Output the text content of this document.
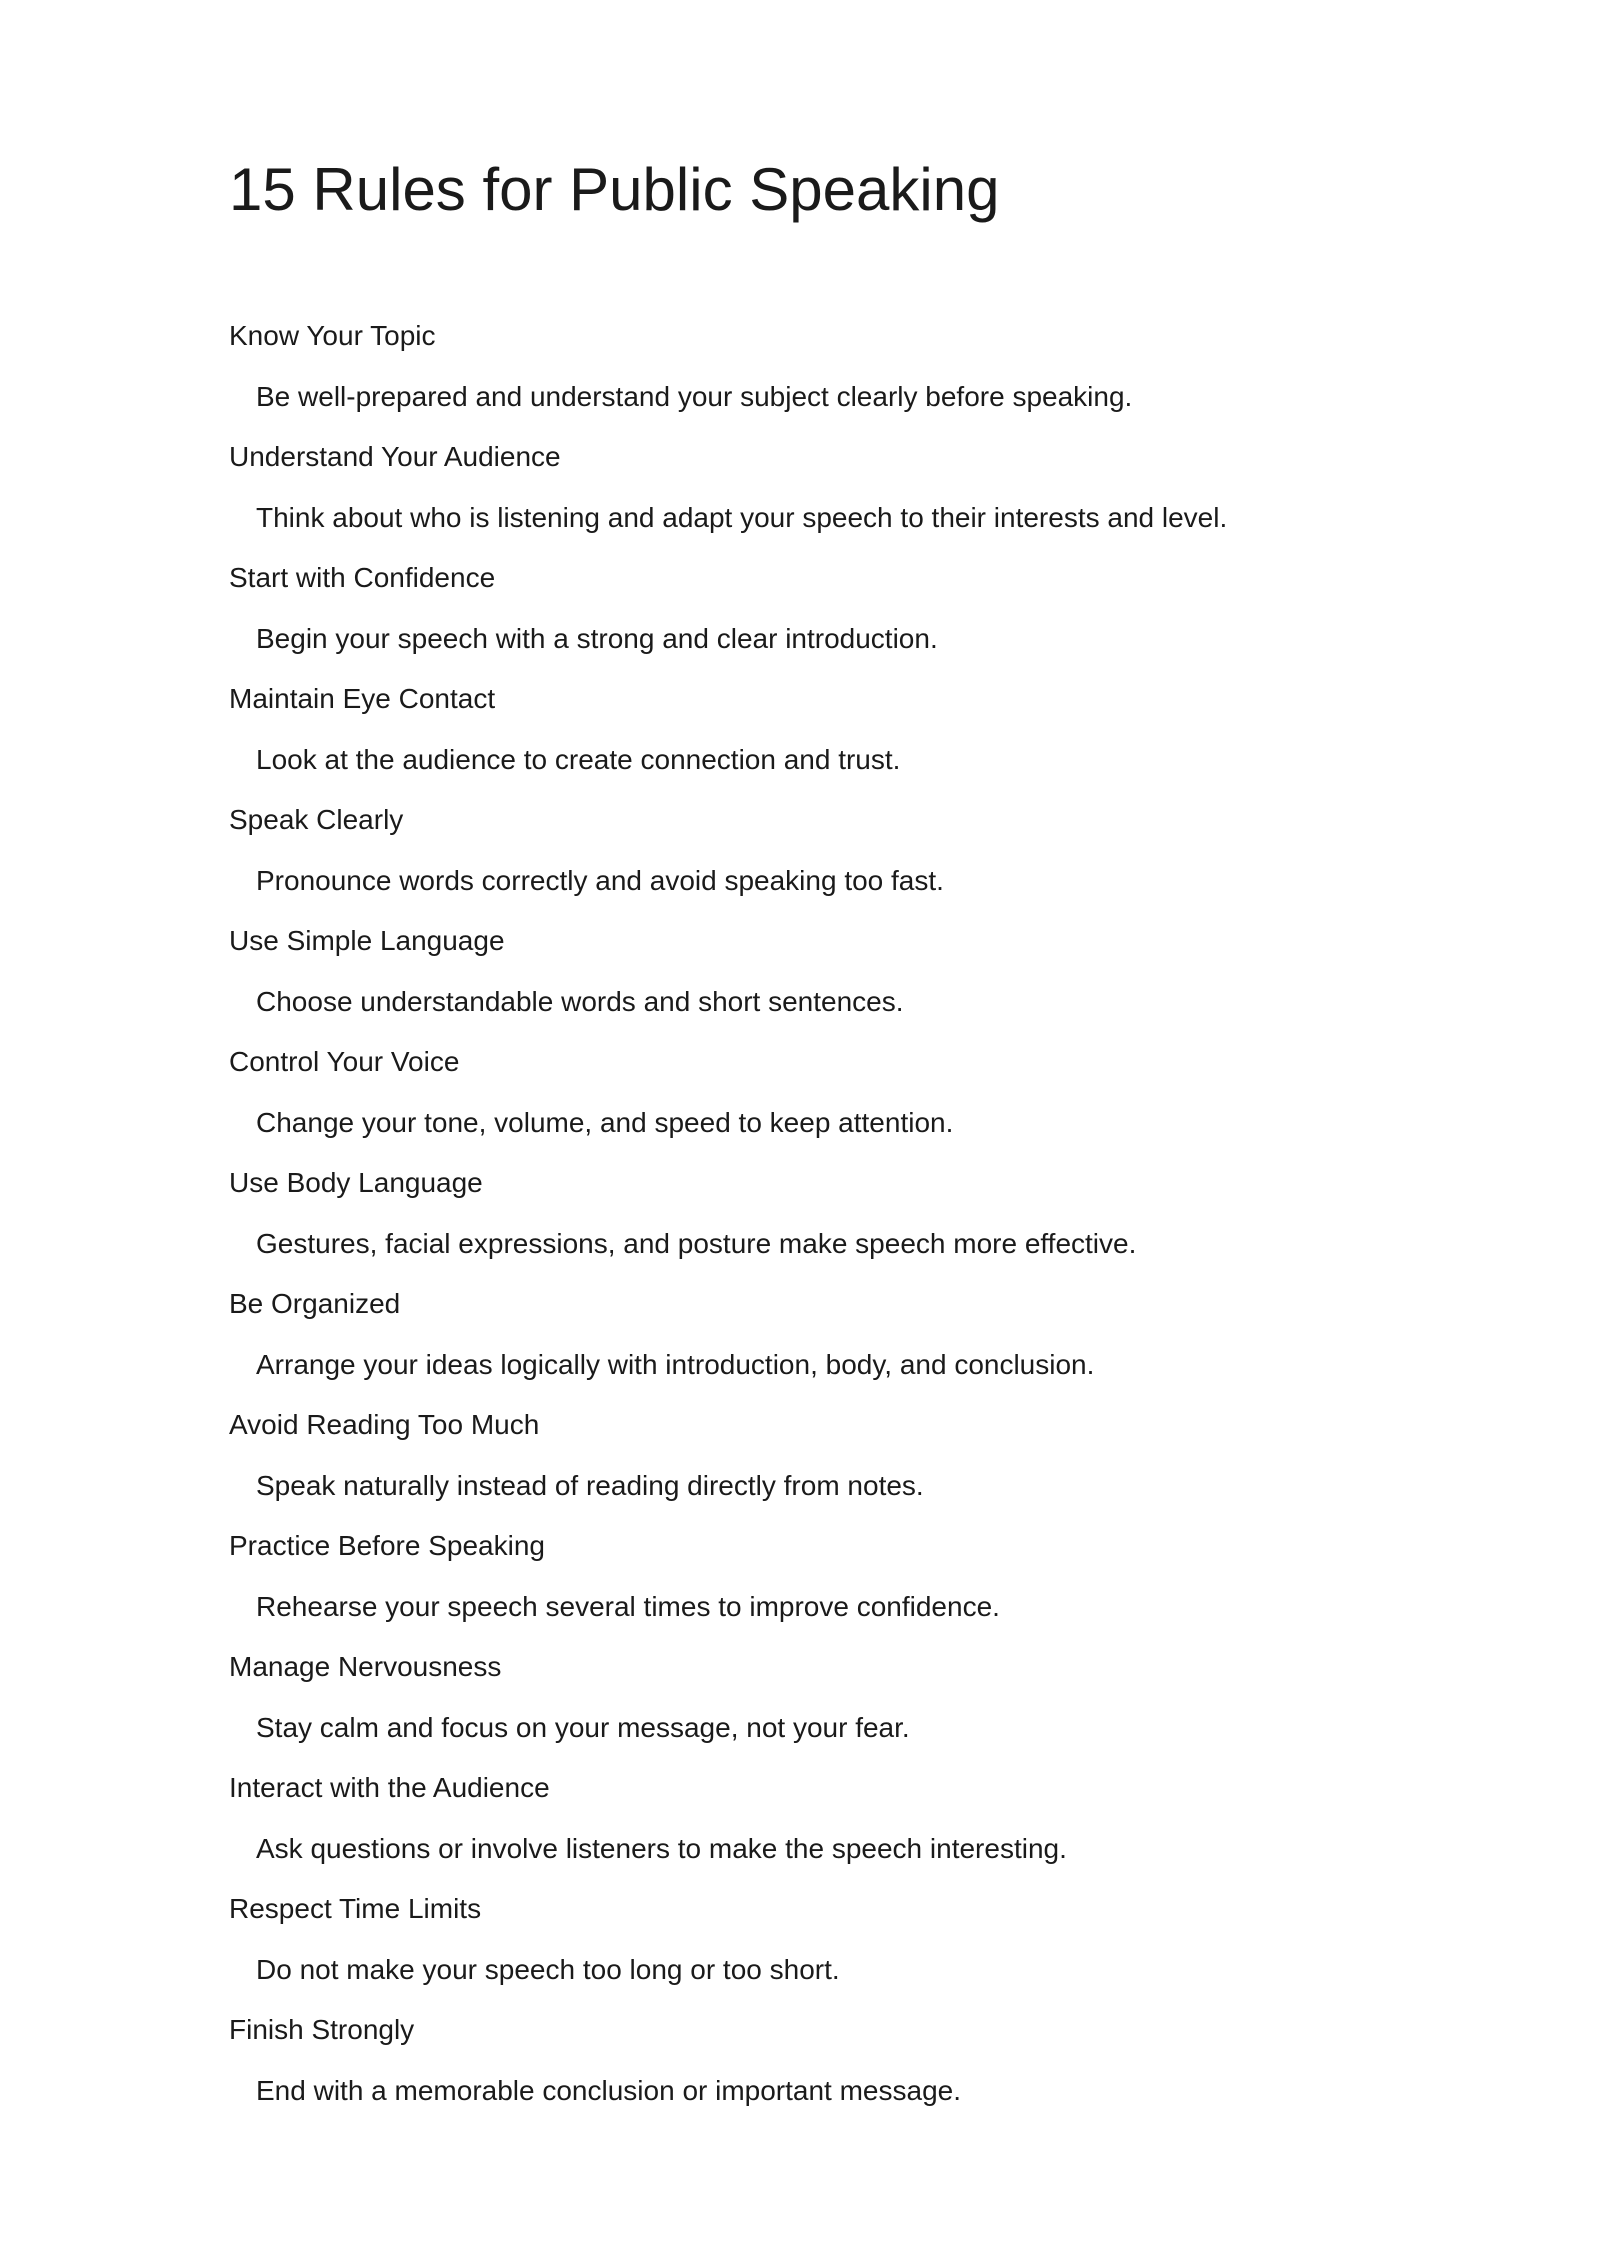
15 Rules for Public Speaking
Know Your Topic
Be well-prepared and understand your subject clearly before speaking.
Understand Your Audience
Think about who is listening and adapt your speech to their interests and level.
Start with Confidence
Begin your speech with a strong and clear introduction.
Maintain Eye Contact
Look at the audience to create connection and trust.
Speak Clearly
Pronounce words correctly and avoid speaking too fast.
Use Simple Language
Choose understandable words and short sentences.
Control Your Voice
Change your tone, volume, and speed to keep attention.
Use Body Language
Gestures, facial expressions, and posture make speech more effective.
Be Organized
Arrange your ideas logically with introduction, body, and conclusion.
Avoid Reading Too Much
Speak naturally instead of reading directly from notes.
Practice Before Speaking
Rehearse your speech several times to improve confidence.
Manage Nervousness
Stay calm and focus on your message, not your fear.
Interact with the Audience
Ask questions or involve listeners to make the speech interesting.
Respect Time Limits
Do not make your speech too long or too short.
Finish Strongly
End with a memorable conclusion or important message.
